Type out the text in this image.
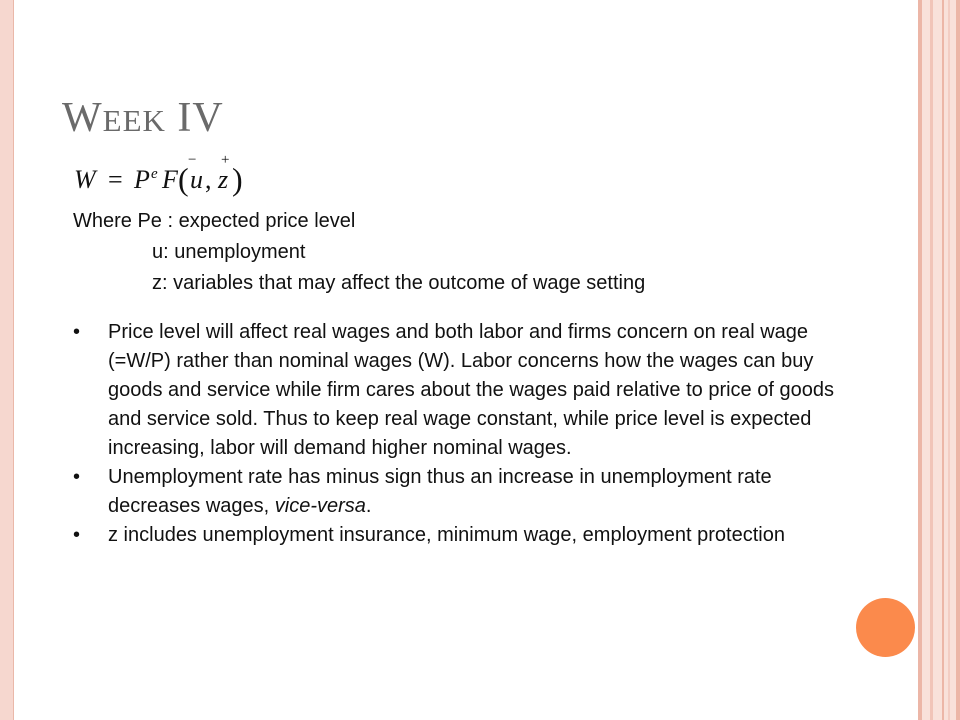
WEEK IV
W = P e F ( u , z )
− +
Where Pe : expected price level
u: unemployment
z: variables that may affect the outcome of wage setting
• Price level will affect real wages and both labor and firms concern on real wage (=W/P) rather than nominal wages (W). Labor concerns how the wages can buy goods and service while firm cares about the wages paid relative to price of goods and service sold. Thus to keep real wage constant, while price level is expected increasing, labor will demand higher nominal wages.
• Unemployment rate has minus sign thus an increase in unemployment rate decreases wages, vice-versa.
• z includes unemployment insurance, minimum wage, employment protection
